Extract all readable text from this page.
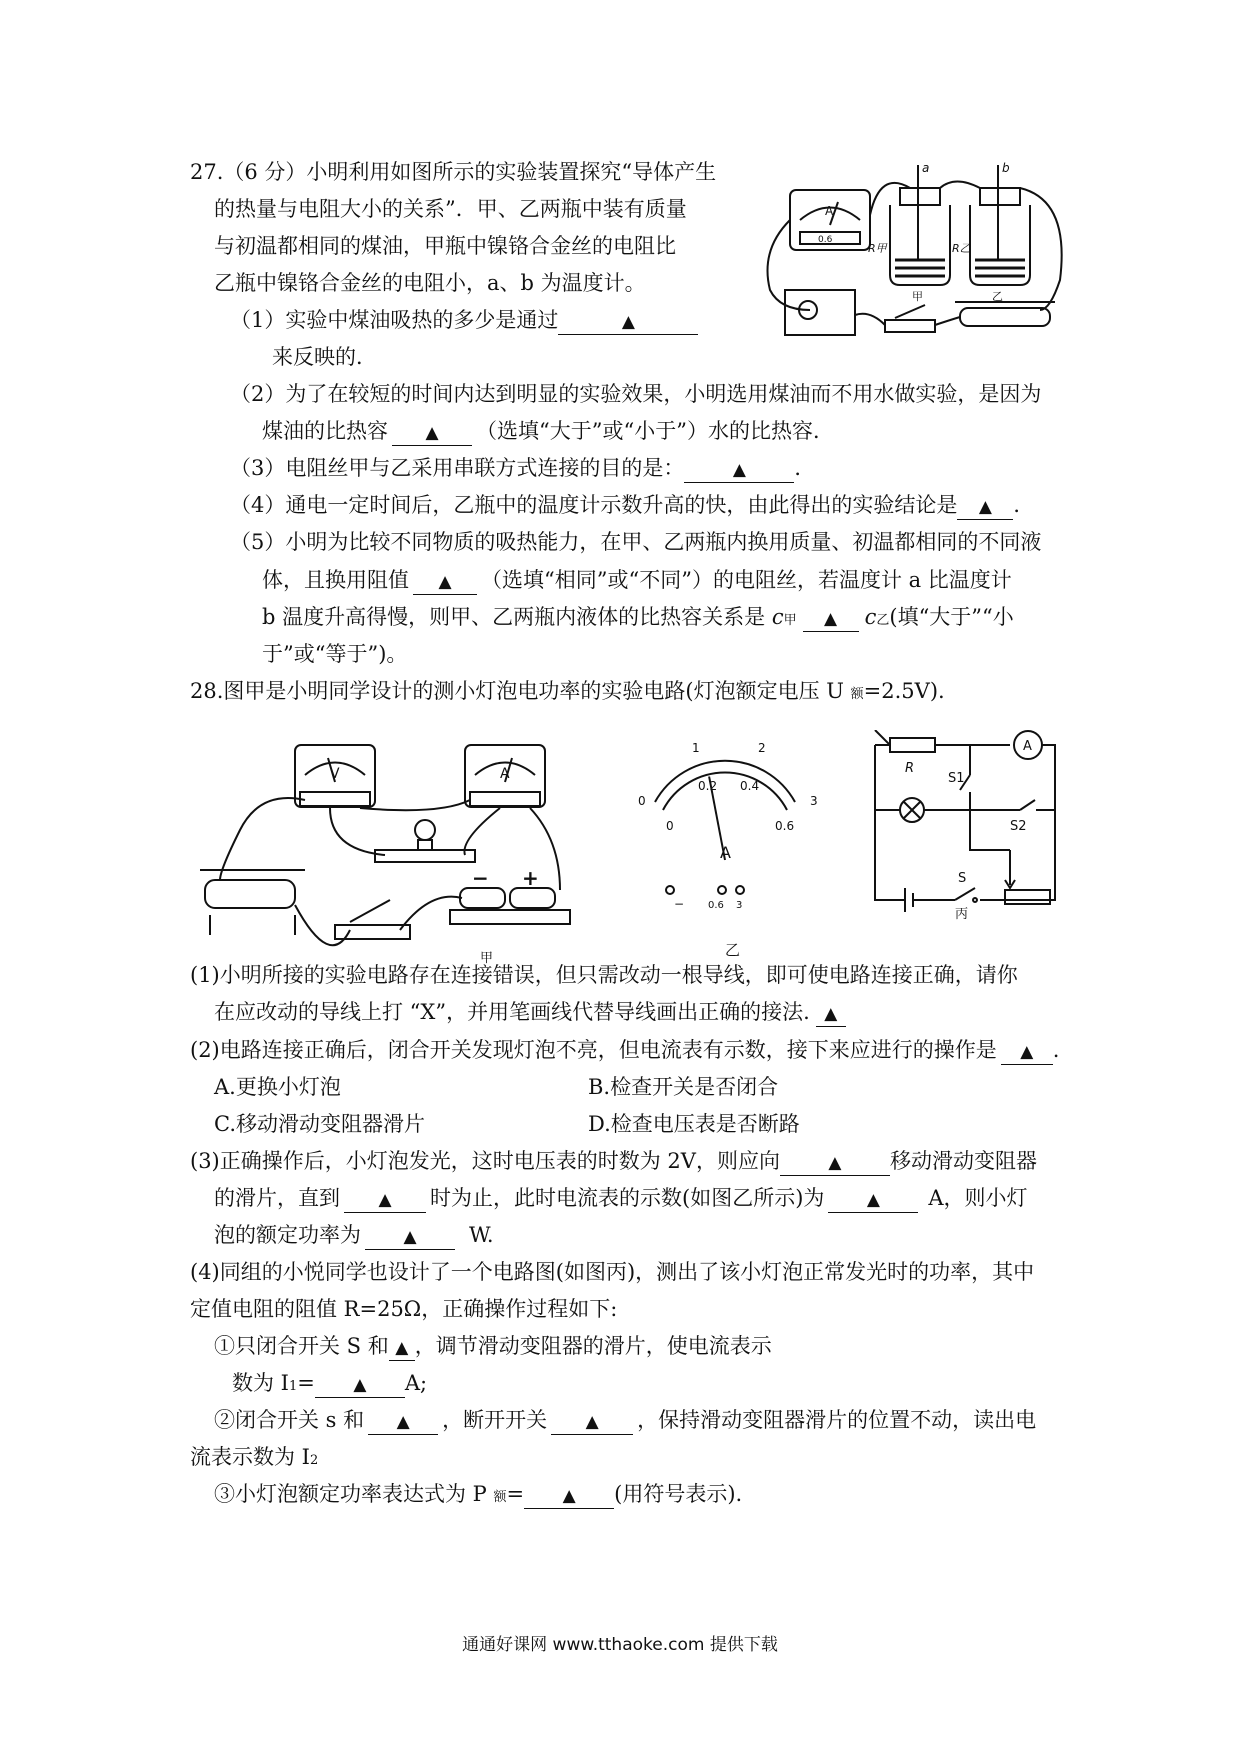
27.（6 分）小明利用如图所示的实验装置探究“导体产生
的热量与电阻大小的关系”．甲、乙两瓶中装有质量
与初温都相同的煤油，甲瓶中镍铬合金丝的电阻比
乙瓶中镍铬合金丝的电阻小，a、b 为温度计。
（1）实验中煤油吸热的多少是通过	▲
来反映的．
（2）为了在较短的时间内达到明显的实验效果，小明选用煤油而不用水做实验，是因为
煤油的比热容 ▲ （选填“大于”或“小于”）水的比热容．
（3）电阻丝甲与乙采用串联方式连接的目的是：	▲ ．
（4）通电一定时间后，乙瓶中的温度计示数升高的快，由此得出的实验结论是 ▲ ．
（5）小明为比较不同物质的吸热能力，在甲、乙两瓶内换用质量、初温都相同的不同液
体，且换用阻值 ▲ （选填“相同”或“不同”）的电阻丝，若温度计 a 比温度计
b 温度升高得慢，则甲、乙两瓶内液体的比热容关系是 c甲 ▲ c乙(填“大于”“小
于”或“等于”)。
A
0.6
a	b
R甲	R乙
甲	乙
28.图甲是小明同学设计的测小灯泡电功率的实验电路(灯泡额定电压 U 额=2.5V).
V	A
− +
甲
0
1	2
3
0
0.2 0.4
0.6
A
− 0.6 3
乙
R
A
S1
S2
S
丙
(1)小明所接的实验电路存在连接错误，但只需改动一根导线，即可使电路连接正确，请你
在应改动的导线上打 “X”，并用笔画线代替导线画出正确的接法. ▲
(2)电路连接正确后，闭合开关发现灯泡不亮，但电流表有示数，接下来应进行的操作是 ▲ .
A.更换小灯泡	B.检查开关是否闭合
C.移动滑动变阻器滑片	D.检查电压表是否断路
(3)正确操作后，小灯泡发光，这时电压表的时数为 2V，则应向	▲ 移动滑动变阻器
的滑片，直到 ▲ 时为止，此时电流表的示数(如图乙所示)为 ▲ A，则小灯
泡的额定功率为 ▲ W.
(4)同组的小悦同学也设计了一个电路图(如图丙)，测出了该小灯泡正常发光时的功率，其中
定值电阻的阻值 R=25Ω，正确操作过程如下:
①只闭合开关 S 和 ▲ ，调节滑动变阻器的滑片，使电流表示
数为 I1= ▲ A;
②闭合开关 s 和 ▲ ，断开开关 ▲ ，保持滑动变阻器滑片的位置不动，读出电
流表示数为 I2
③小灯泡额定功率表达式为 P 额= ▲ (用符号表示).
通通好课网 www.tthaoke.com 提供下载
